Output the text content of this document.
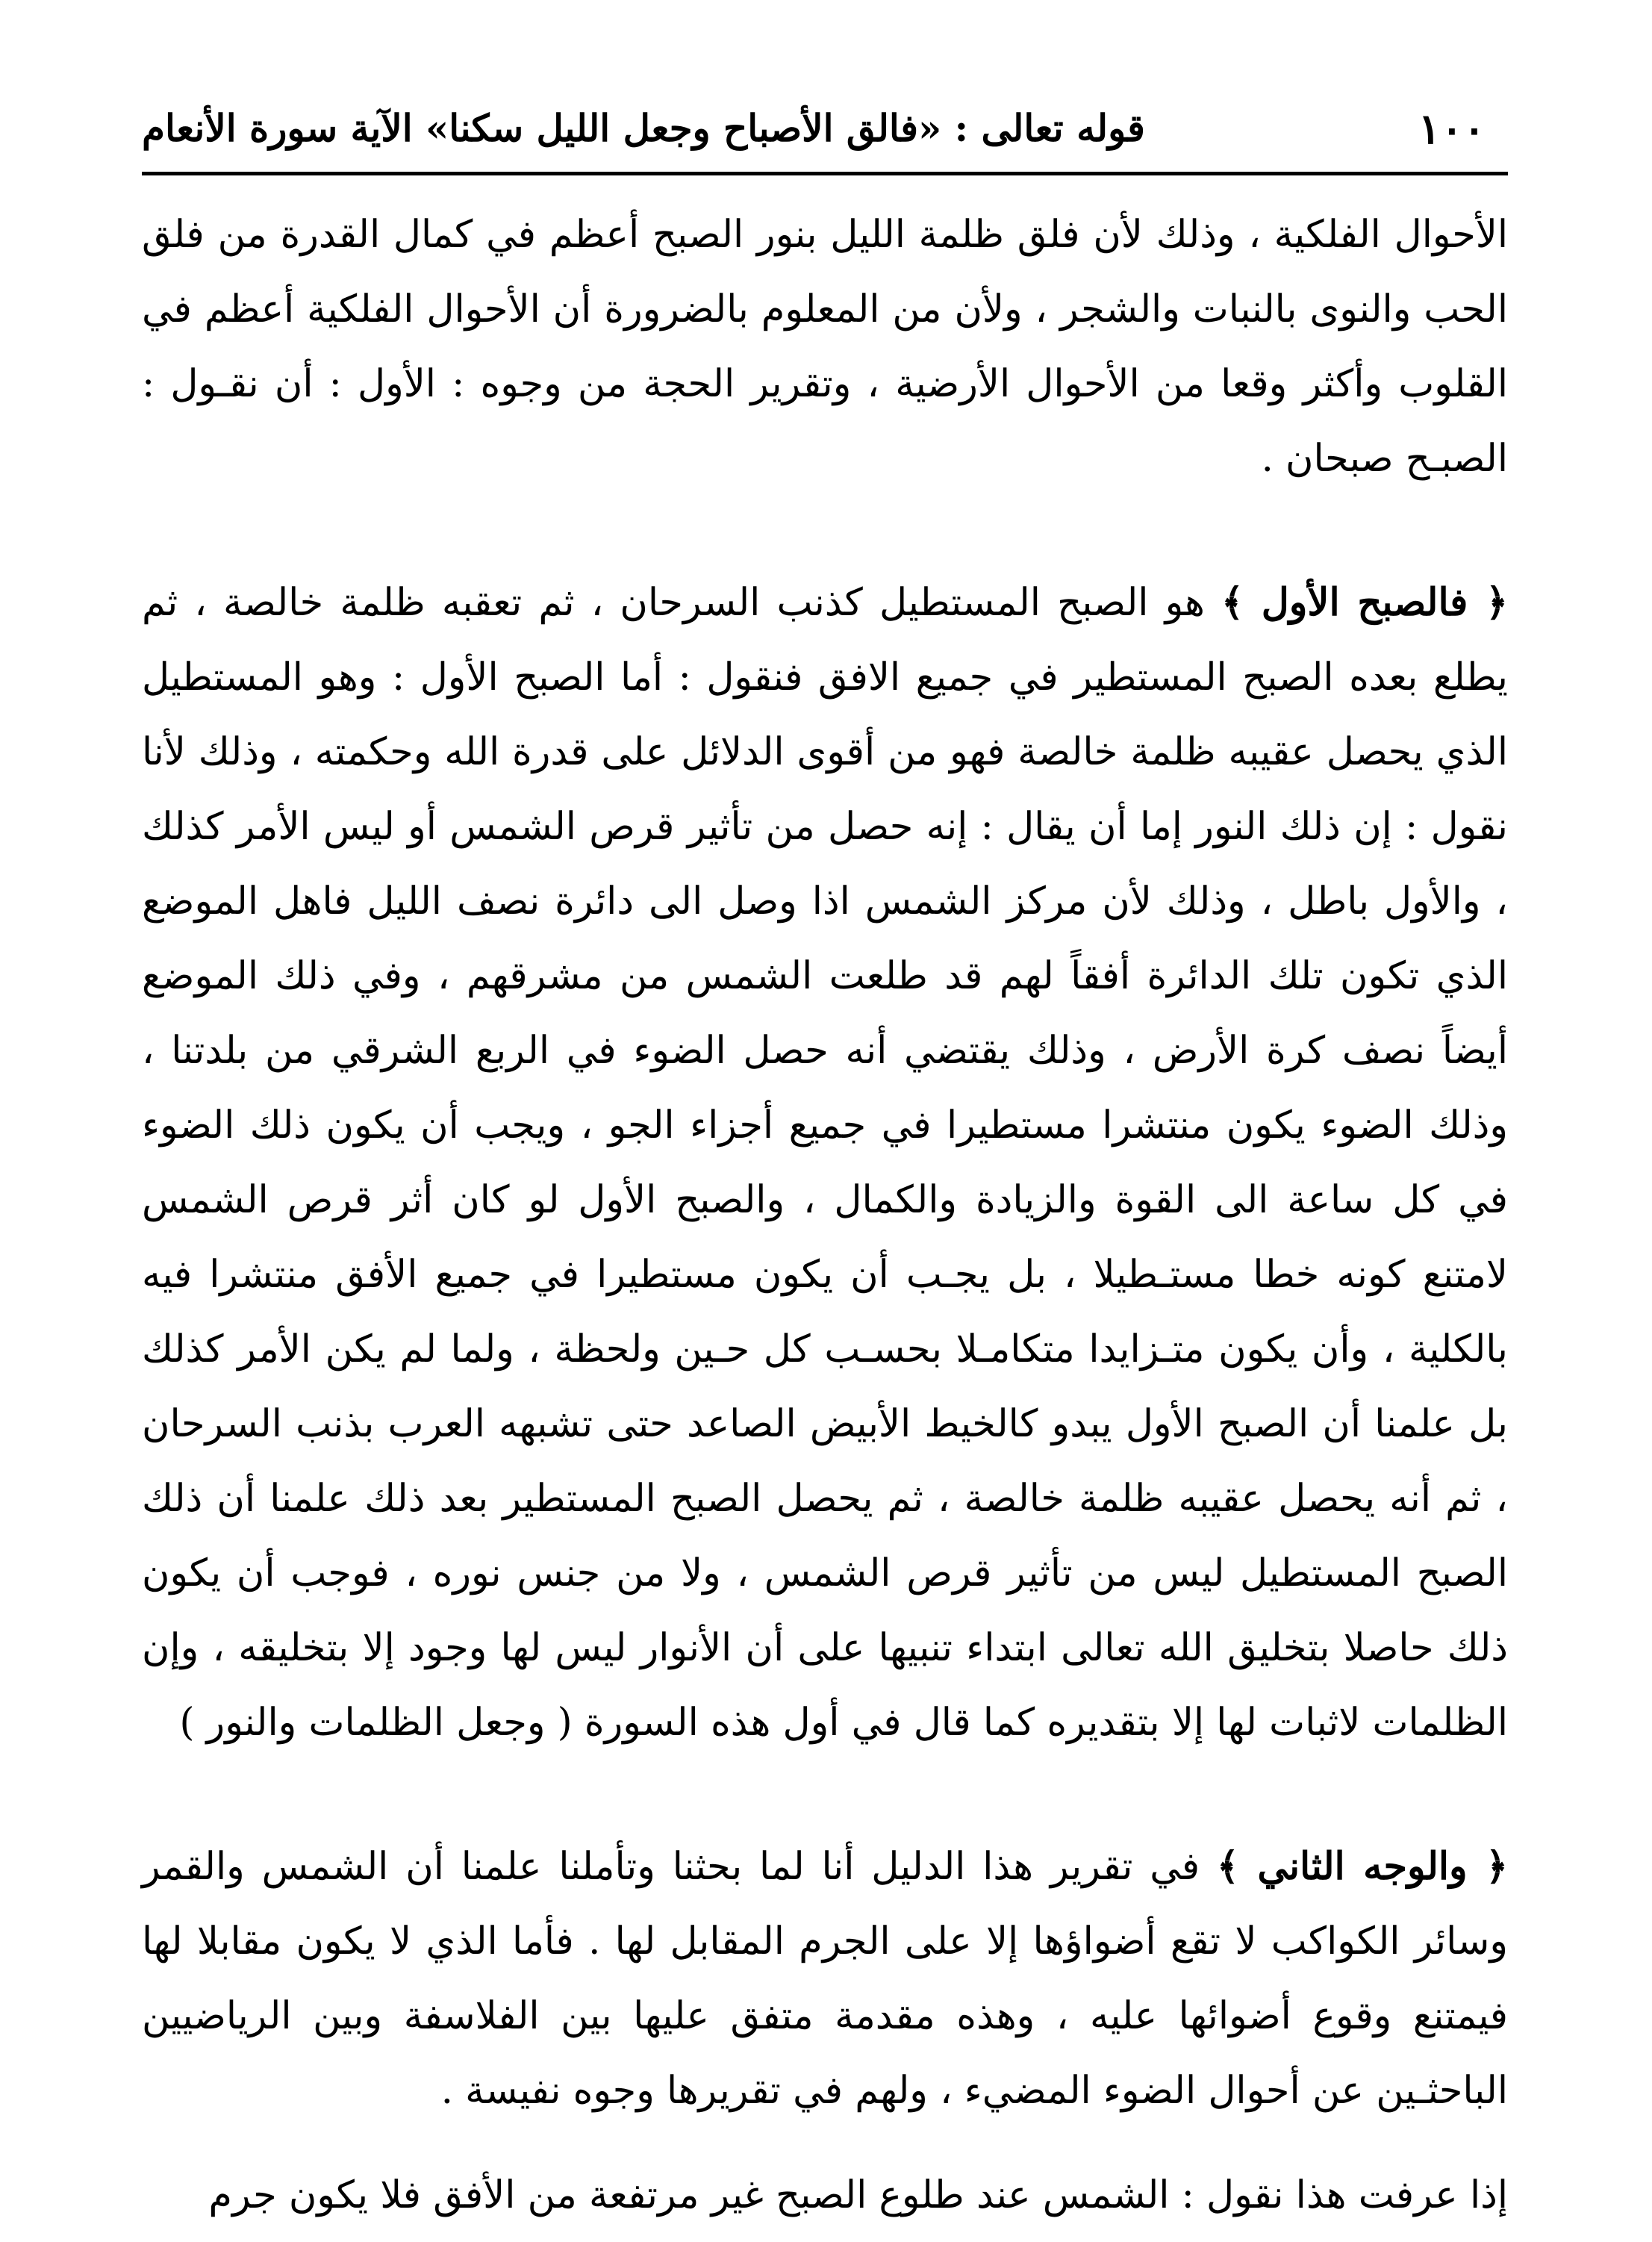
١٠٠
قوله تعالى : «فالق الأصباح وجعل الليل سكنا» الآية سورة الأنعام

الأحوال الفلكية ، وذلك لأن فلق ظلمة الليل بنور الصبح أعظم في كمال القدرة من فلق الحب والنوى بالنبات والشجر ، ولأن من المعلوم بالضرورة أن الأحوال الفلكية أعظم في القلوب وأكثر وقعا من الأحوال الأرضية ، وتقرير الحجة من وجوه : الأول : أن نقـول : الصبـح صبحان .

﴿ فالصبح الأول ﴾ هو الصبح المستطيل كذنب السرحان ، ثم تعقبه ظلمة خالصة ، ثم يطلع بعده الصبح المستطير في جميع الافق فنقول : أما الصبح الأول : وهو المستطيل الذي يحصل عقيبه ظلمة خالصة فهو من أقوى الدلائل على قدرة الله وحكمته ، وذلك لأنا نقول : إن ذلك النور إما أن يقال : إنه حصل من تأثير قرص الشمس أو ليس الأمر كذلك ، والأول باطل ، وذلك لأن مركز الشمس اذا وصل الى دائرة نصف الليل فاهل الموضع الذي تكون تلك الدائرة أفقاً لهم قد طلعت الشمس من مشرقهم ، وفي ذلك الموضع أيضاً نصف كرة الأرض ، وذلك يقتضي أنه حصل الضوء في الربع الشرقي من بلدتنا ، وذلك الضوء يكون منتشرا مستطيرا في جميع أجزاء الجو ، ويجب أن يكون ذلك الضوء في كل ساعة الى القوة والزيادة والكمال ، والصبح الأول لو كان أثر قرص الشمس لامتنع كونه خطا مستـطيلا ، بل يجـب أن يكون مستطيرا في جميع الأفق منتشرا فيه بالكلية ، وأن يكون متـزايدا متكامـلا بحسـب كل حـين ولحظة ، ولما لم يكن الأمر كذلك بل علمنا أن الصبح الأول يبدو كالخيط الأبيض الصاعد حتى تشبهه العرب بذنب السرحان ، ثم أنه يحصل عقيبه ظلمة خالصة ، ثم يحصل الصبح المستطير بعد ذلك علمنا أن ذلك الصبح المستطيل ليس من تأثير قرص الشمس ، ولا من جنس نوره ، فوجب أن يكون ذلك حاصلا بتخليق الله تعالى ابتداء تنبيها على أن الأنوار ليس لها وجود إلا بتخليقه ، وإن الظلمات لاثبات لها إلا بتقديره كما قال في أول هذه السورة ( وجعل الظلمات والنور )

﴿ والوجه الثاني ﴾ في تقرير هذا الدليل أنا لما بحثنا وتأملنا علمنا أن الشمس والقمر وسائر الكواكب لا تقع أضواؤها إلا على الجرم المقابل لها . فأما الذي لا يكون مقابلا لها فيمتنع وقوع أضوائها عليه ، وهذه مقدمة متفق عليها بين الفلاسفة وبين الرياضيين الباحثـين عن أحوال الضوء المضيء ، ولهم في تقريرها وجوه نفيسة .

إذا عرفت هذا نقول : الشمس عند طلوع الصبح غير مرتفعة من الأفق فلا يكون جرم
